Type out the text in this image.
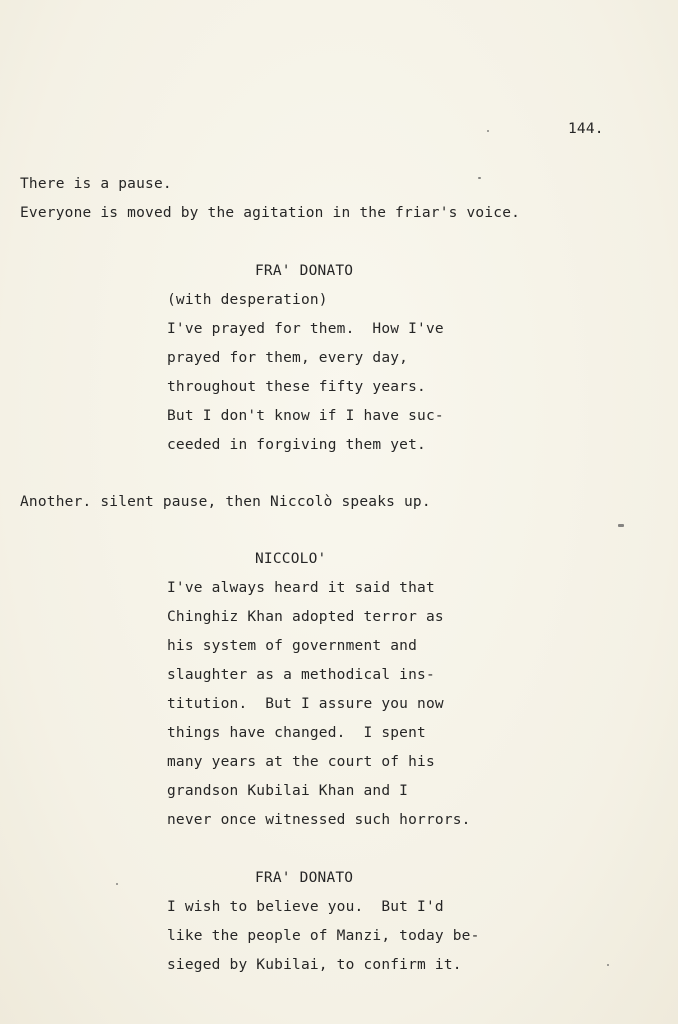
144.
There is a pause.
Everyone is moved by the agitation in the friar's voice.
FRA' DONATO
(with desperation)
I've prayed for them.  How I've
prayed for them, every day,
throughout these fifty years.
But I don't know if I have suc-
ceeded in forgiving them yet.
Another. silent pause, then Niccolò speaks up.
NICCOLO'
I've always heard it said that
Chinghiz Khan adopted terror as
his system of government and
slaughter as a methodical ins-
titution.  But I assure you now
things have changed.  I spent
many years at the court of his
grandson Kubilai Khan and I
never once witnessed such horrors.
FRA' DONATO
I wish to believe you.  But I'd
like the people of Manzi, today be-
sieged by Kubilai, to confirm it.
